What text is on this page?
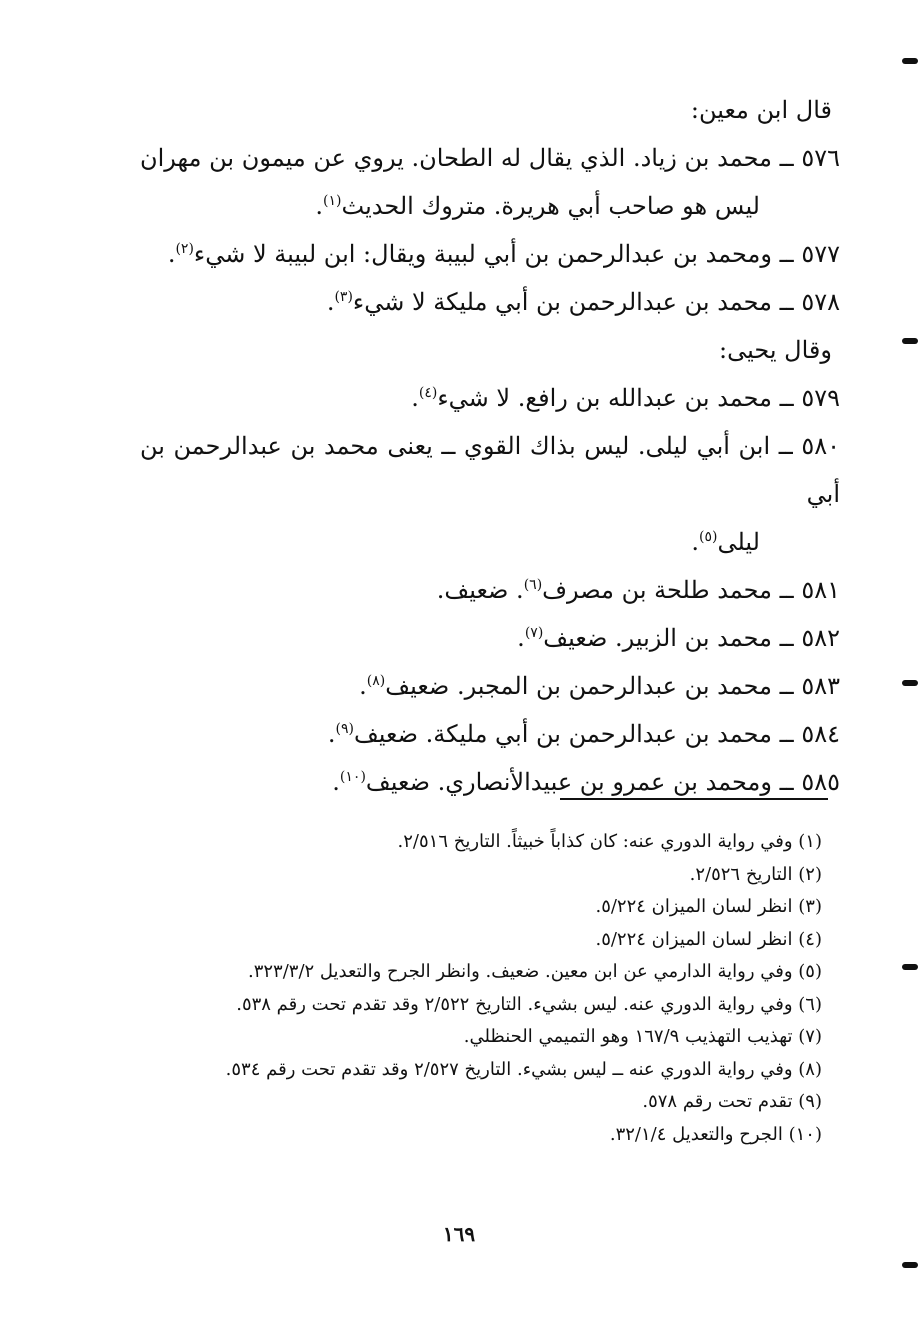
قال ابن معين:
٥٧٦ ــ محمد بن زياد. الذي يقال له الطحان. يروي عن ميمون بن مهران
ليس هو صاحب أبي هريرة. متروك الحديث$^{(١)}$.
٥٧٧ ــ ومحمد بن عبدالرحمن بن أبي لبيبة ويقال: ابن لبيبة لا شيء$^{(٢)}$.
٥٧٨ ــ محمد بن عبدالرحمن بن أبي مليكة لا شيء$^{(٣)}$.
وقال يحيى:
٥٧٩ ــ محمد بن عبدالله بن رافع. لا شيء$^{(٤)}$.
٥٨٠ ــ ابن أبي ليلى. ليس بذاك القوي ــ يعنى محمد بن عبدالرحمن بن أبي
ليلى$^{(٥)}$.
٥٨١ ــ محمد طلحة بن مصرف$^{(٦)}$. ضعيف.
٥٨٢ ــ محمد بن الزبير. ضعيف$^{(٧)}$.
٥٨٣ ــ محمد بن عبدالرحمن بن المجبر. ضعيف$^{(٨)}$.
٥٨٤ ــ محمد بن عبدالرحمن بن أبي مليكة. ضعيف$^{(٩)}$.
٥٨٥ ــ ومحمد بن عمرو بن عبيدالأنصاري. ضعيف$^{(١٠)}$.
(١) وفي رواية الدوري عنه: كان كذاباً خبيثاً. التاريخ ٢/٥١٦.
(٢) التاريخ ٢/٥٢٦.
(٣) انظر لسان الميزان ٥/٢٢٤.
(٤) انظر لسان الميزان ٥/٢٢٤.
(٥) وفي رواية الدارمي عن ابن معين. ضعيف. وانظر الجرح والتعديل ٣٢٣/٣/٢.
(٦) وفي رواية الدوري عنه. ليس بشيء. التاريخ ٢/٥٢٢ وقد تقدم تحت رقم ٥٣٨.
(٧) تهذيب التهذيب ١٦٧/٩ وهو التميمي الحنظلي.
(٨) وفي رواية الدوري عنه ــ ليس بشيء. التاريخ ٢/٥٢٧ وقد تقدم تحت رقم ٥٣٤.
(٩) تقدم تحت رقم ٥٧٨.
(١٠) الجرح والتعديل ٣٢/١/٤.
١٦٩
